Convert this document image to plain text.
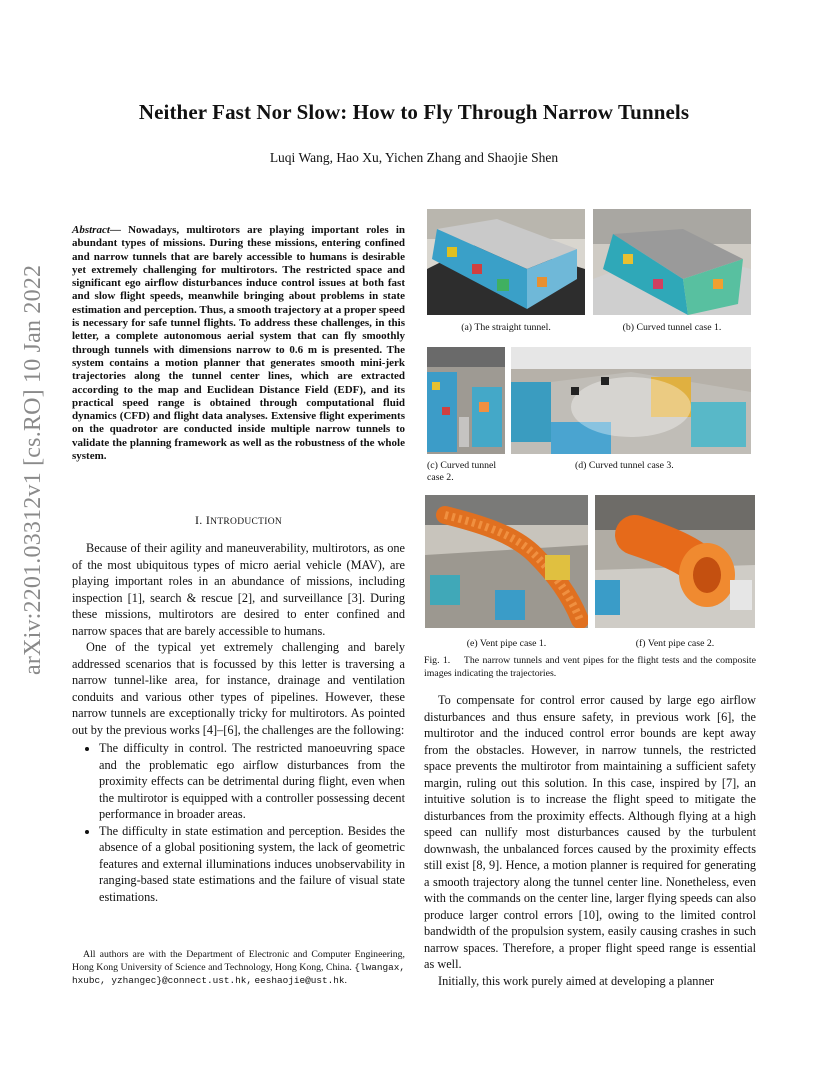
arXiv:2201.03312v1 [cs.RO] 10 Jan 2022
Neither Fast Nor Slow: How to Fly Through Narrow Tunnels
Luqi Wang, Hao Xu, Yichen Zhang and Shaojie Shen
Abstract— Nowadays, multirotors are playing important roles in abundant types of missions. During these missions, entering confined and narrow tunnels that are barely accessible to humans is desirable yet extremely challenging for multirotors. The restricted space and significant ego airflow disturbances induce control issues at both fast and slow flight speeds, meanwhile bringing about problems in state estimation and perception. Thus, a smooth trajectory at a proper speed is necessary for safe tunnel flights. To address these challenges, in this letter, a complete autonomous aerial system that can fly smoothly through tunnels with dimensions narrow to 0.6 m is presented. The system contains a motion planner that generates smooth mini-jerk trajectories along the tunnel center lines, which are extracted according to the map and Euclidean Distance Field (EDF), and its practical speed range is obtained through computational fluid dynamics (CFD) and flight data analyses. Extensive flight experiments on the quadrotor are conducted inside multiple narrow tunnels to validate the planning framework as well as the robustness of the whole system.
I. INTRODUCTION

Because of their agility and maneuverability, multirotors, as one of the most ubiquitous types of micro aerial vehicle (MAV), are playing important roles in an abundance of missions, including inspection [1], search & rescue [2], and surveillance [3]. During these missions, multirotors are desired to enter confined and narrow spaces that are barely accessible to humans.

One of the typical yet extremely challenging and barely addressed scenarios that is focussed by this letter is traversing a narrow tunnel-like area, for instance, drainage and ventilation conduits and various other types of pipelines. However, these narrow tunnels are exceptionally tricky for multirotors. As pointed out by the previous works [4]–[6], the challenges are the following:

• The difficulty in control. The restricted manoeuvring space and the problematic ego airflow disturbances from the proximity effects can be detrimental during flight, even when the multirotor is equipped with a controller possessing decent performance in broader areas.
• The difficulty in state estimation and perception. Besides the absence of a global positioning system, the lack of geometric features and external illuminations induces unobservability in ranging-based state estimations and the failure of visual state estimations.
All authors are with the Department of Electronic and Computer Engineering, Hong Kong University of Science and Technology, Hong Kong, China. {lwangax, hxubc, yzhangec}@connect.ust.hk, eeshaojie@ust.hk.
(a) The straight tunnel.	(b) Curved tunnel case 1.
(c) Curved tunnel
case 2.
(d) Curved tunnel case 3.
(e) Vent pipe case 1.	(f) Vent pipe case 2.
Fig. 1. The narrow tunnels and vent pipes for the flight tests and the composite images indicating the trajectories.

To compensate for control error caused by large ego airflow disturbances and thus ensure safety, in previous work [6], the multirotor and the induced control error bounds are kept away from the obstacles. However, in narrow tunnels, the restricted space prevents the multirotor from maintaining a sufficient safety margin, ruling out this solution. In this case, inspired by [7], an intuitive solution is to increase the flight speed to mitigate the disturbances from the proximity effects. Although flying at a high speed can nullify most disturbances caused by the turbulent downwash, the unbalanced forces caused by the proximity effects still exist [8, 9]. Hence, a motion planner is required for generating a smooth trajectory along the tunnel center line. Nonetheless, even with the commands on the center line, larger flying speeds can also produce larger control errors [10], owing to the limited control bandwidth of the propulsion system, easily causing crashes in such narrow spaces. Therefore, a proper flight speed range is essential as well.

Initially, this work purely aimed at developing a planner
